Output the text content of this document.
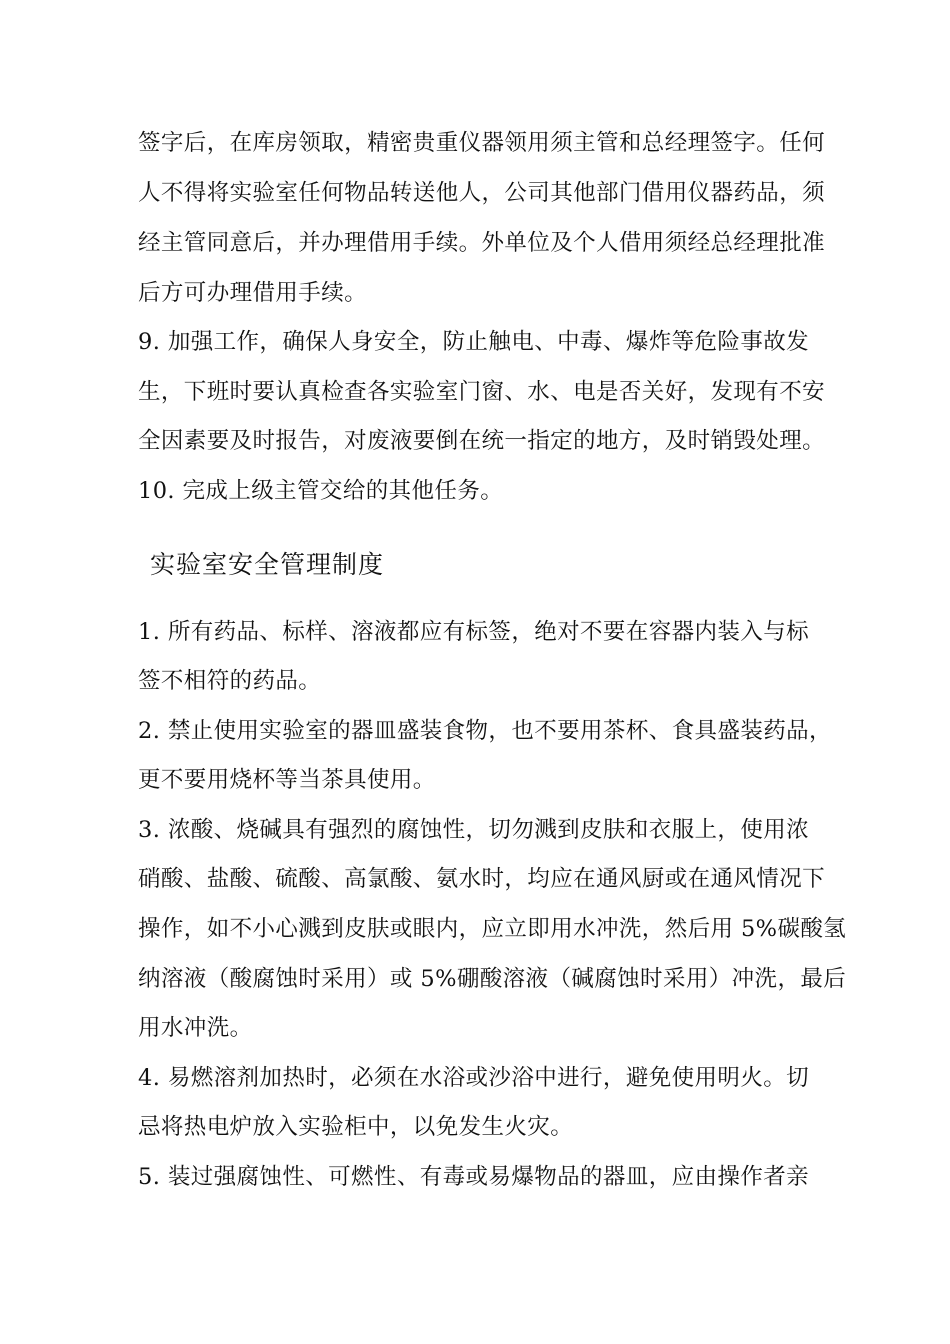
签字后，在库房领取，精密贵重仪器领用须主管和总经理签字。任何
人不得将实验室任何物品转送他人，公司其他部门借用仪器药品，须
经主管同意后，并办理借用手续。外单位及个人借用须经总经理批准
后方可办理借用手续。
9. 加强工作，确保人身安全，防止触电、中毒、爆炸等危险事故发
生，下班时要认真检查各实验室门窗、水、电是否关好，发现有不安
全因素要及时报告，对废液要倒在统一指定的地方，及时销毁处理。
10. 完成上级主管交给的其他任务。
实验室安全管理制度
1. 所有药品、标样、溶液都应有标签，绝对不要在容器内装入与标
签不相符的药品。
2. 禁止使用实验室的器皿盛装食物，也不要用茶杯、食具盛装药品，
更不要用烧杯等当茶具使用。
3. 浓酸、烧碱具有强烈的腐蚀性，切勿溅到皮肤和衣服上，使用浓
硝酸、盐酸、硫酸、高氯酸、氨水时，均应在通风厨或在通风情况下
操作，如不小心溅到皮肤或眼内，应立即用水冲洗，然后用 5%碳酸氢
纳溶液（酸腐蚀时采用）或 5%硼酸溶液（碱腐蚀时采用）冲洗，最后
用水冲洗。
4. 易燃溶剂加热时，必须在水浴或沙浴中进行，避免使用明火。切
忌将热电炉放入实验柜中，以免发生火灾。
5. 装过强腐蚀性、可燃性、有毒或易爆物品的器皿，应由操作者亲
